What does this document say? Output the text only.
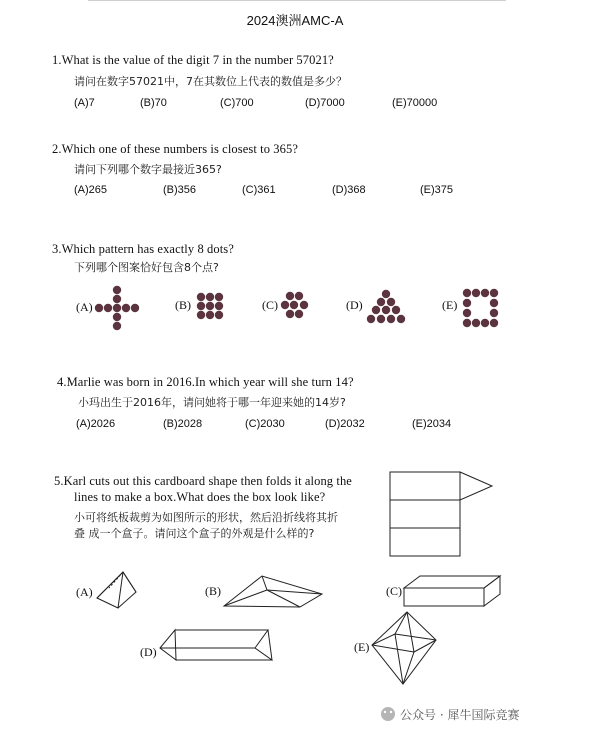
2024澳洲AMC-A
1.What is the value of the digit 7 in the number 57021?
请问在数字57021中，7在其数位上代表的数值是多少？
(A)7	(B)70	(C)700	(D)7000	(E)70000
2.Which one of these numbers is closest to 365?
请问下列哪个数字最接近365?
(A)265	(B)356	(C)361	(D)368	(E)375
3.Which pattern has exactly 8 dots?
下列哪个图案恰好包含8个点?
(A)	(B)	(C)	(D)	(E)
4.Marlie was born in 2016.In which year will she turn 14?
小玛出生于2016年，请问她将于哪一年迎来她的14岁?
(A)2026	(B)2028	(C)2030	(D)2032	(E)2034
5.Karl cuts out this cardboard shape then folds it along the
lines to make a box.What does the box look like?
小可将纸板裁剪为如图所示的形状，然后沿折线将其折
叠 成一个盒子。请问这个盒子的外观是什么样的?
(A)	(B)	(C)
(D)	(E)
公众号 · 犀牛国际竞赛
